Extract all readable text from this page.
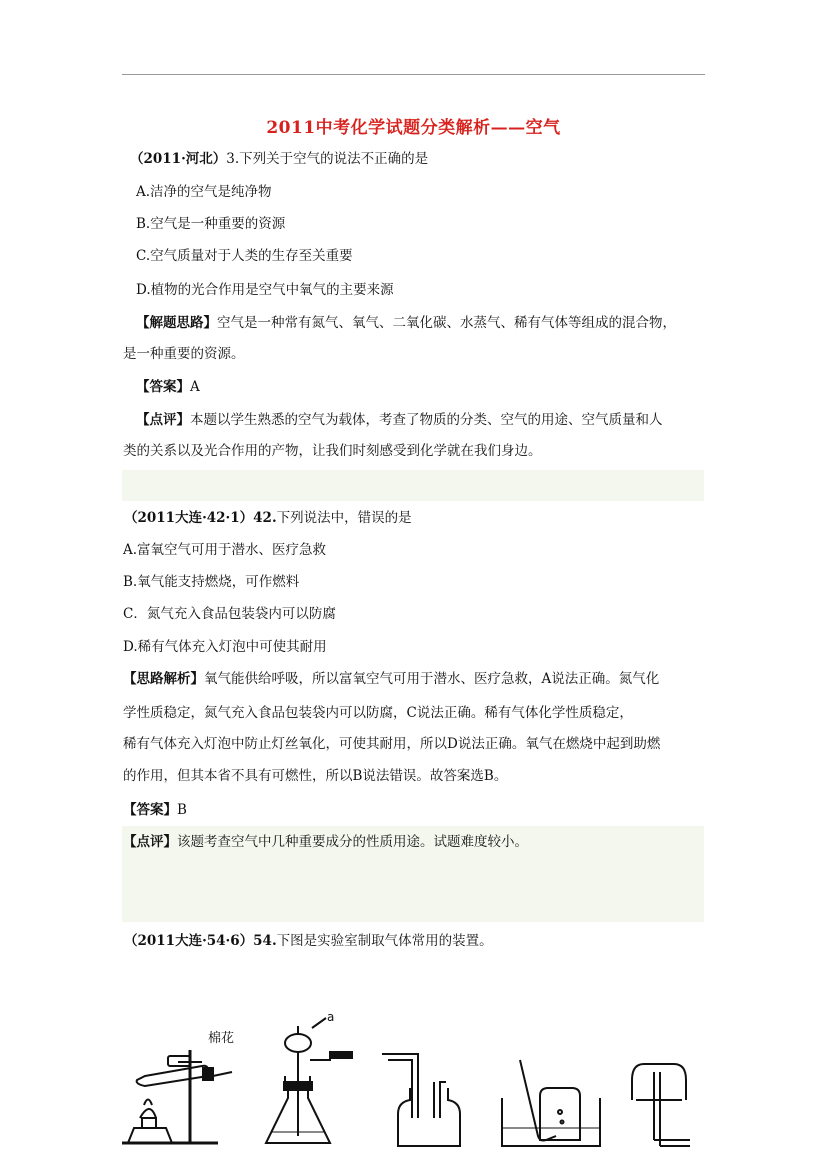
2011中考化学试题分类解析——空气
（2011·河北）3.下列关于空气的说法不正确的是
A.洁净的空气是纯净物
B.空气是一种重要的资源
C.空气质量对于人类的生存至关重要
D.植物的光合作用是空气中氧气的主要来源
【解题思路】空气是一种常有氮气、氧气、二氧化碳、水蒸气、稀有气体等组成的混合物，
是一种重要的资源。
【答案】A
【点评】本题以学生熟悉的空气为载体，考查了物质的分类、空气的用途、空气质量和人
类的关系以及光合作用的产物，让我们时刻感受到化学就在我们身边。
（2011大连·42·1）42.下列说法中，错误的是
A.富氧空气可用于潜水、医疗急救
B.氧气能支持燃烧，可作燃料
C．氮气充入食品包装袋内可以防腐
D.稀有气体充入灯泡中可使其耐用
【思路解析】氧气能供给呼吸，所以富氧空气可用于潜水、医疗急救，A说法正确。氮气化
学性质稳定，氮气充入食品包装袋内可以防腐，C说法正确。稀有气体化学性质稳定，
稀有气体充入灯泡中防止灯丝氧化，可使其耐用，所以D说法正确。氧气在燃烧中起到助燃
的作用，但其本省不具有可燃性，所以B说法错误。故答案选B。
【答案】B
【点评】该题考查空气中几种重要成分的性质用途。试题难度较小。
（2011大连·54·6）54.下图是实验室制取气体常用的装置。
棉花
a
